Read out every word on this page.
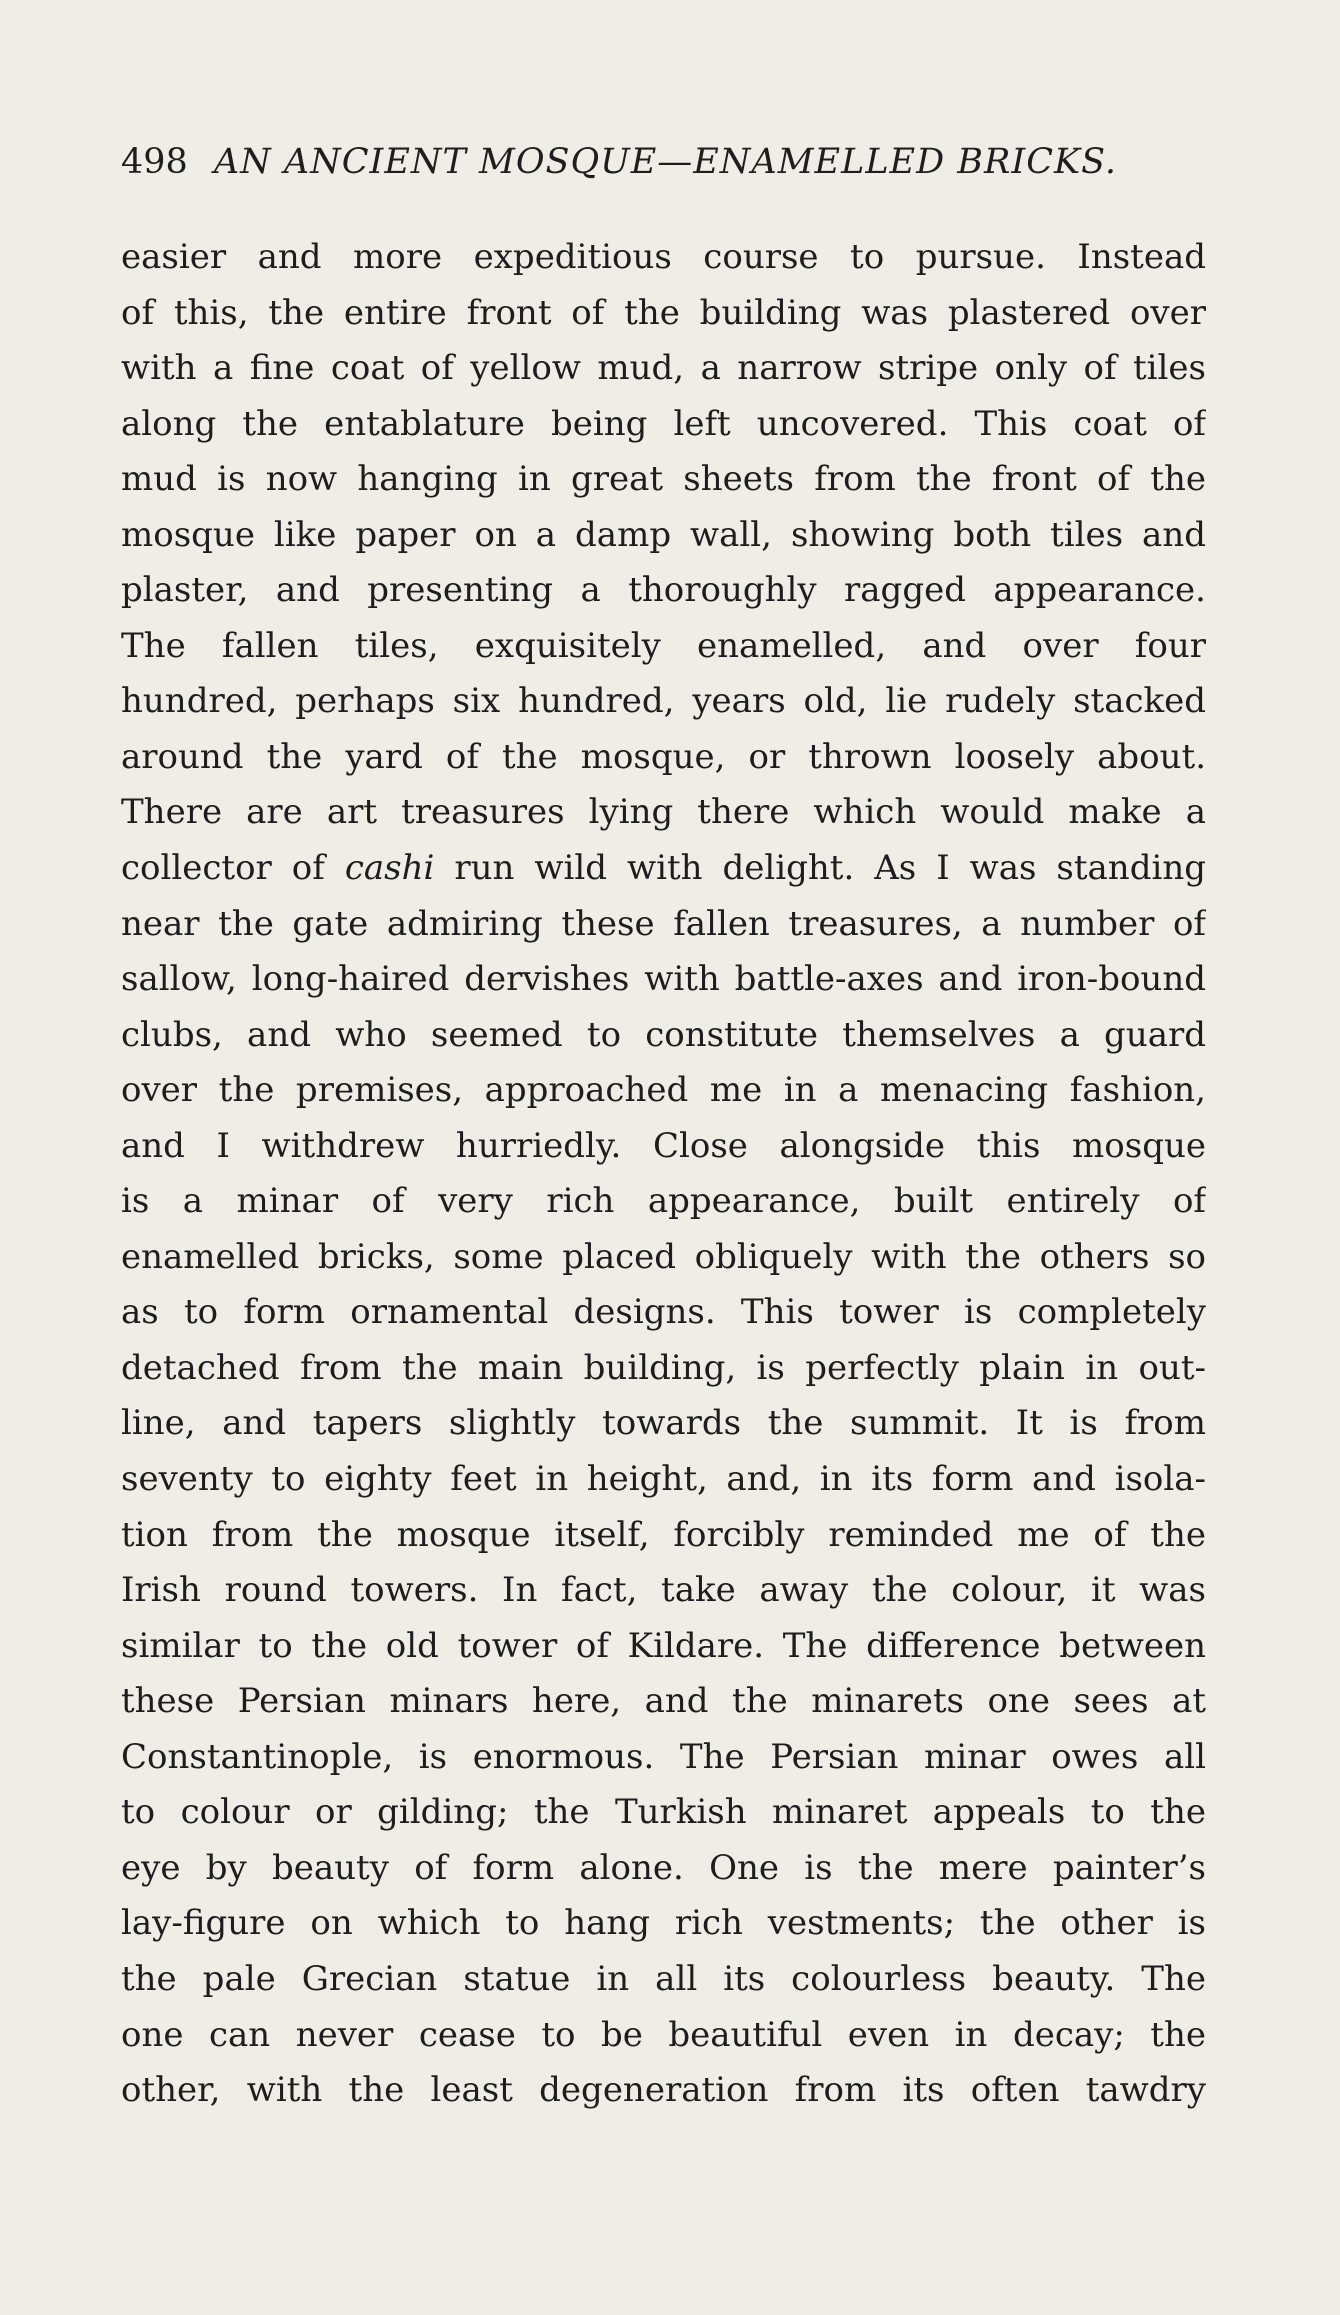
498 AN ANCIENT MOSQUE—ENAMELLED BRICKS.
easier and more expeditious course to pursue. Instead
of this, the entire front of the building was plastered over
with a fine coat of yellow mud, a narrow stripe only of tiles
along the entablature being left uncovered. This coat of
mud is now hanging in great sheets from the front of the
mosque like paper on a damp wall, showing both tiles and
plaster, and presenting a thoroughly ragged appearance.
The fallen tiles, exquisitely enamelled, and over four
hundred, perhaps six hundred, years old, lie rudely stacked
around the yard of the mosque, or thrown loosely about.
There are art treasures lying there which would make a
collector of cashi run wild with delight. As I was standing
near the gate admiring these fallen treasures, a number of
sallow, long-haired dervishes with battle-axes and iron-bound
clubs, and who seemed to constitute themselves a guard
over the premises, approached me in a menacing fashion,
and I withdrew hurriedly. Close alongside this mosque
is a minar of very rich appearance, built entirely of
enamelled bricks, some placed obliquely with the others so
as to form ornamental designs. This tower is completely
detached from the main building, is perfectly plain in out-
line, and tapers slightly towards the summit. It is from
seventy to eighty feet in height, and, in its form and isola-
tion from the mosque itself, forcibly reminded me of the
Irish round towers. In fact, take away the colour, it was
similar to the old tower of Kildare. The difference between
these Persian minars here, and the minarets one sees at
Constantinople, is enormous. The Persian minar owes all
to colour or gilding; the Turkish minaret appeals to the
eye by beauty of form alone. One is the mere painter’s
lay-figure on which to hang rich vestments; the other is
the pale Grecian statue in all its colourless beauty. The
one can never cease to be beautiful even in decay; the
other, with the least degeneration from its often tawdry
